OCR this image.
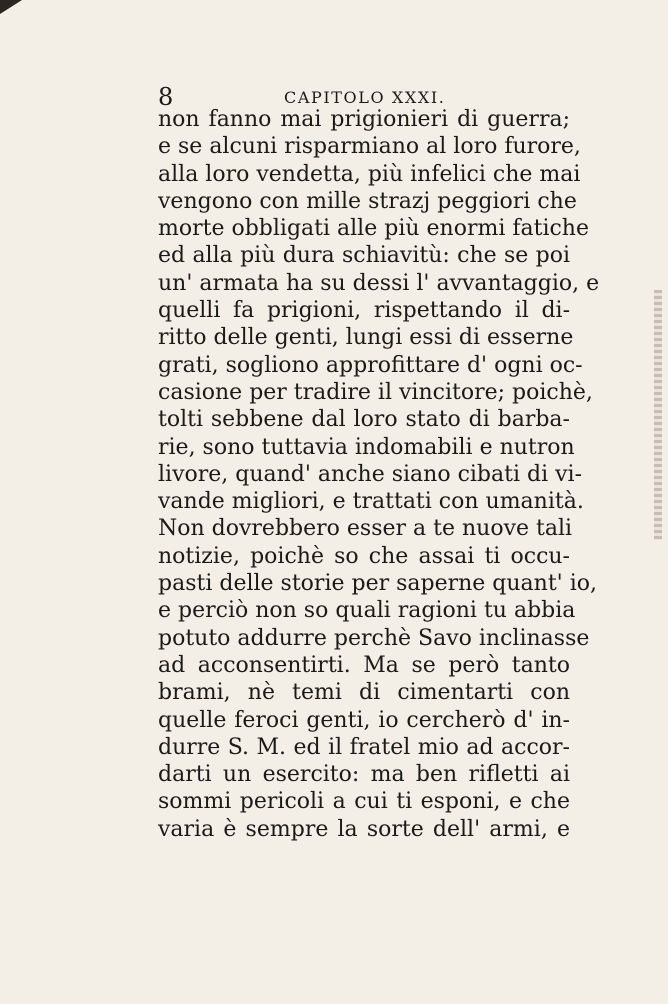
8	CAPITOLO XXXI.
non fanno mai prigionieri di guerra;
e se alcuni risparmiano al loro furore,
alla loro vendetta, più infelici che mai
vengono con mille strazj peggiori che
morte obbligati alle più enormi fatiche
ed alla più dura schiavitù: che se poi
un' armata ha su dessi l' avvantaggio, e
quelli fa prigioni, rispettando il di-
ritto delle genti, lungi essi di esserne
grati, sogliono approfittare d' ogni oc-
casione per tradire il vincitore; poichè,
tolti sebbene dal loro stato di barba-
rie, sono tuttavia indomabili e nutron
livore, quand' anche siano cibati di vi-
vande migliori, e trattati con umanità.
Non dovrebbero esser a te nuove tali
notizie, poichè so che assai ti occu-
pasti delle storie per saperne quant' io,
e perciò non so quali ragioni tu abbia
potuto addurre perchè Savo inclinasse
ad acconsentirti. Ma se però tanto
brami, nè temi di cimentarti con
quelle feroci genti, io cercherò d' in-
durre S. M. ed il fratel mio ad accor-
darti un esercito: ma ben rifletti ai
sommi pericoli a cui ti esponi, e che
varia è sempre la sorte dell' armi, e
